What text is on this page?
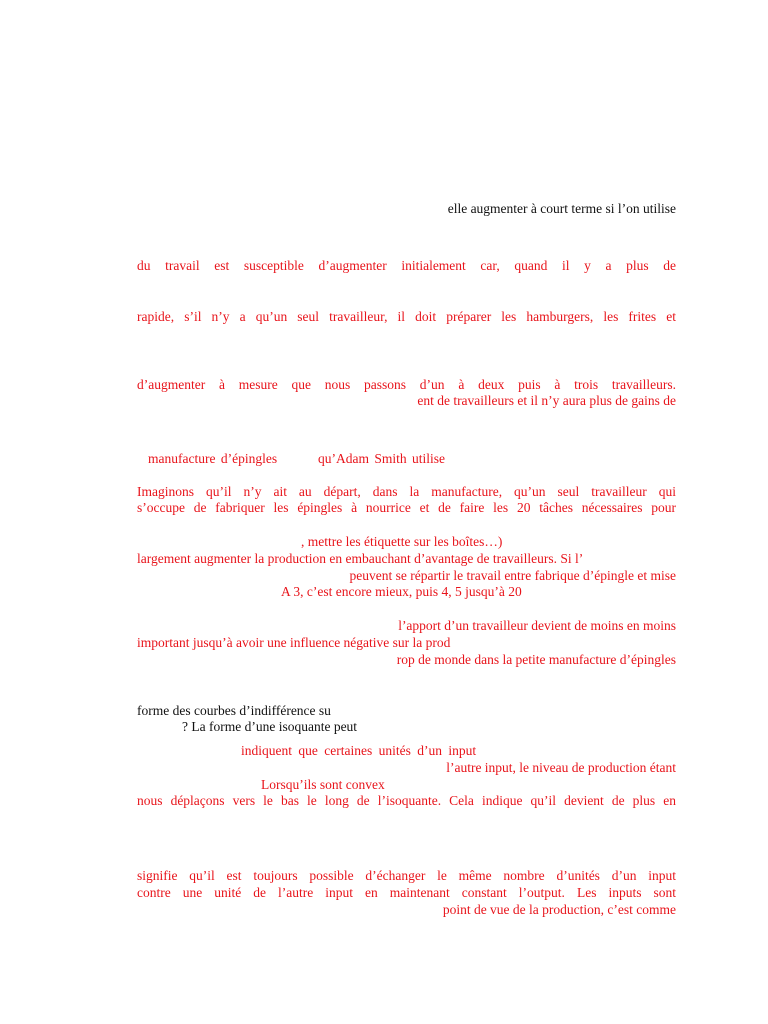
elle augmenter à court terme si l’on utilise
du travail est susceptible d’augmenter initialement car, quand il y a plus de
rapide, s’il n’y a qu’un seul travailleur, il doit préparer les hamburgers, les frites et
d’augmenter à mesure que nous passons d’un à deux puis à trois travailleurs.
ent de travailleurs et il n’y aura plus de gains de
manufacture d’épingles	qu’Adam Smith utilise
Imaginons qu’il n’y ait au départ, dans la manufacture, qu’un seul travailleur qui
s’occupe de fabriquer les épingles à nourrice et de faire les 20 tâches nécessaires pour
, mettre les étiquette sur les boîtes…)
largement augmenter la production en embauchant d’avantage de travailleurs. Si l’
peuvent se répartir le travail entre fabrique d’épingle et mise
A 3, c’est encore mieux, puis 4, 5 jusqu’à 20
l’apport d’un travailleur devient de moins en moins
important jusqu’à avoir une influence négative sur la prod
rop de monde dans la petite manufacture d’épingles
forme des courbes d’indifférence su
? La forme d’une isoquante peut
indiquent que certaines unités d’un input
l’autre input, le niveau de production étant
Lorsqu’ils sont convex
nous déplaçons vers le bas le long de l’isoquante. Cela indique qu’il devient de plus en
signifie qu’il est toujours possible d’échanger le même nombre d’unités d’un input
contre une unité de l’autre input en maintenant constant l’output. Les inputs sont
point de vue de la production, c’est comme
